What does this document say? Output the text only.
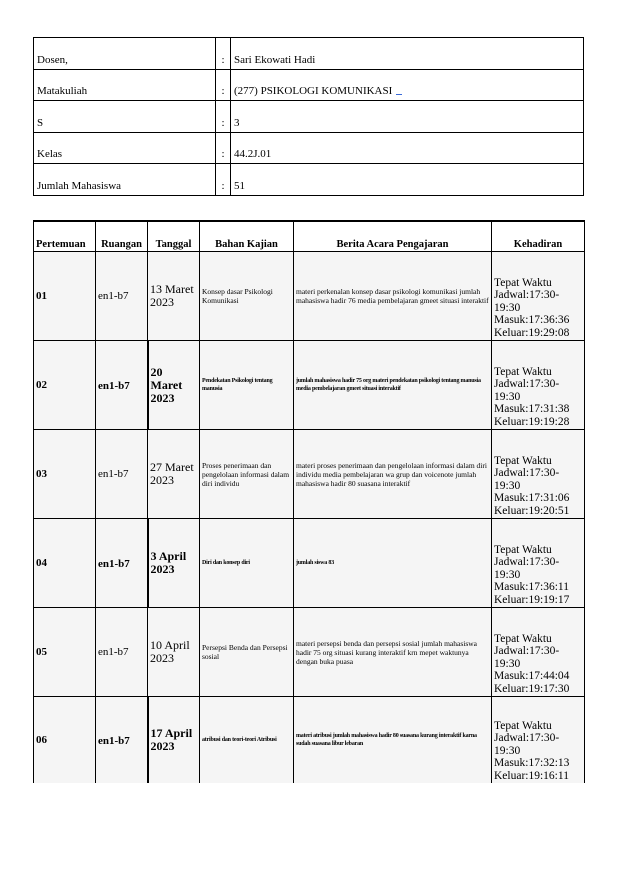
Dosen,	:	Sari Ekowati Hadi
Matakuliah	:	(277) PSIKOLOGI KOMUNIKASI
S	:	3
Kelas	:	44.2J.01
Jumlah Mahasiswa	:	51
Pertemuan	Ruangan	Tanggal	Bahan Kajian	Berita Acara Pengajaran	Kehadiran
01	en1-b7	13 Maret 2023	Konsep dasar Psikologi Komunikasi	materi perkenalan konsep dasar psikologi komunikasi jumlah mahasiswa hadir 76 media pembelajaran gmeet situasi interaktif	Tepat Waktu
Jadwal:17:30-19:30
Masuk:17:36:36
Keluar:19:29:08

02	en1-b7	20 Maret 2023	Pendekatan Psikologi tentang manusia	jumlah mahasiswa hadir 75 org materi pendekatan psikologi tentang manusia media pembelajaran gmeet situasi interaktif	Tepat Waktu
Jadwal:17:30-19:30
Masuk:17:31:38
Keluar:19:19:28

03	en1-b7	27 Maret 2023	Proses penerimaan dan pengelolaan informasi dalam diri individu	materi proses penerimaan dan pengelolaan informasi dalam diri individu media pembelajaran wa grup dan voicenote jumlah mahasiswa hadir 80 suasana interaktif	Tepat Waktu
Jadwal:17:30-19:30
Masuk:17:31:06
Keluar:19:20:51

04	en1-b7	3 April 2023	Diri dan konsep diri	jumlah siswa 83	Tepat Waktu
Jadwal:17:30-19:30
Masuk:17:36:11
Keluar:19:19:17

05	en1-b7	10 April 2023	Persepsi Benda dan Persepsi sosial	materi persepsi benda dan persepsi sosial jumlah mahasiswa hadir 75 org situasi kurang interaktif krn mepet waktunya dengan buka puasa	Tepat Waktu
Jadwal:17:30-19:30
Masuk:17:44:04
Keluar:19:17:30

06	en1-b7	17 April 2023	atribusi dan teori-teori Atribusi	materi atribusi jumlah mahasiswa hadir 80 suasana kurang interaktif karna sudah suasana libur lebaran	Tepat Waktu
Jadwal:17:30-19:30
Masuk:17:32:13
Keluar:19:16:11
